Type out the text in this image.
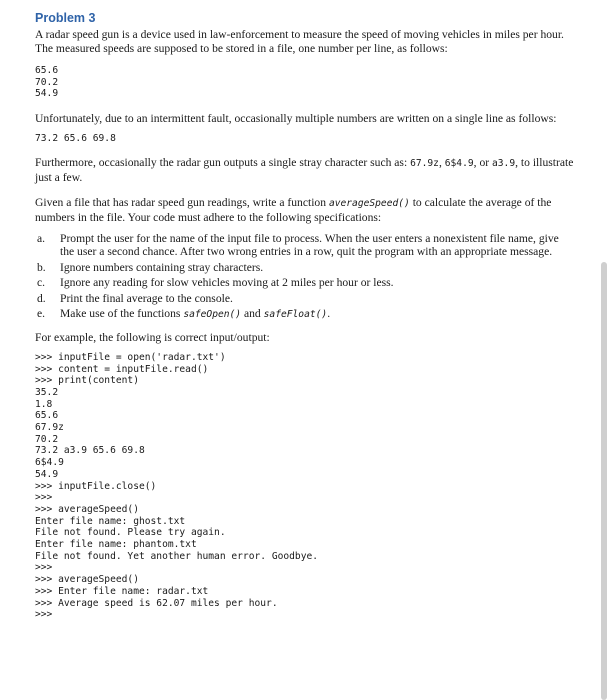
Problem 3

A radar speed gun is a device used in law-enforcement to measure the speed of moving vehicles in miles per hour. The measured speeds are supposed to be stored in a file, one number per line, as follows:

65.6
70.2
54.9

Unfortunately, due to an intermittent fault, occasionally multiple numbers are written on a single line as follows:

73.2 65.6 69.8

Furthermore, occasionally the radar gun outputs a single stray character such as: 67.9z, 6$4.9, or a3.9, to illustrate just a few.

Given a file that has radar speed gun readings, write a function averageSpeed() to calculate the average of the numbers in the file. Your code must adhere to the following specifications:

a. Prompt the user for the name of the input file to process. When the user enters a nonexistent file name, give the user a second chance. After two wrong entries in a row, quit the program with an appropriate message.
b. Ignore numbers containing stray characters.
c. Ignore any reading for slow vehicles moving at 2 miles per hour or less.
d. Print the final average to the console.
e. Make use of the functions safeOpen() and safeFloat().

For example, the following is correct input/output:

>>> inputFile = open('radar.txt')
>>> content = inputFile.read()
>>> print(content)
35.2
1.8
65.6
67.9z
70.2
73.2 a3.9 65.6 69.8
6$4.9
54.9
>>> inputFile.close()
>>>
>>> averageSpeed()
Enter file name: ghost.txt
File not found. Please try again.
Enter file name: phantom.txt
File not found. Yet another human error. Goodbye.
>>>
>>> averageSpeed()
>>> Enter file name: radar.txt
>>> Average speed is 62.07 miles per hour.
>>>
